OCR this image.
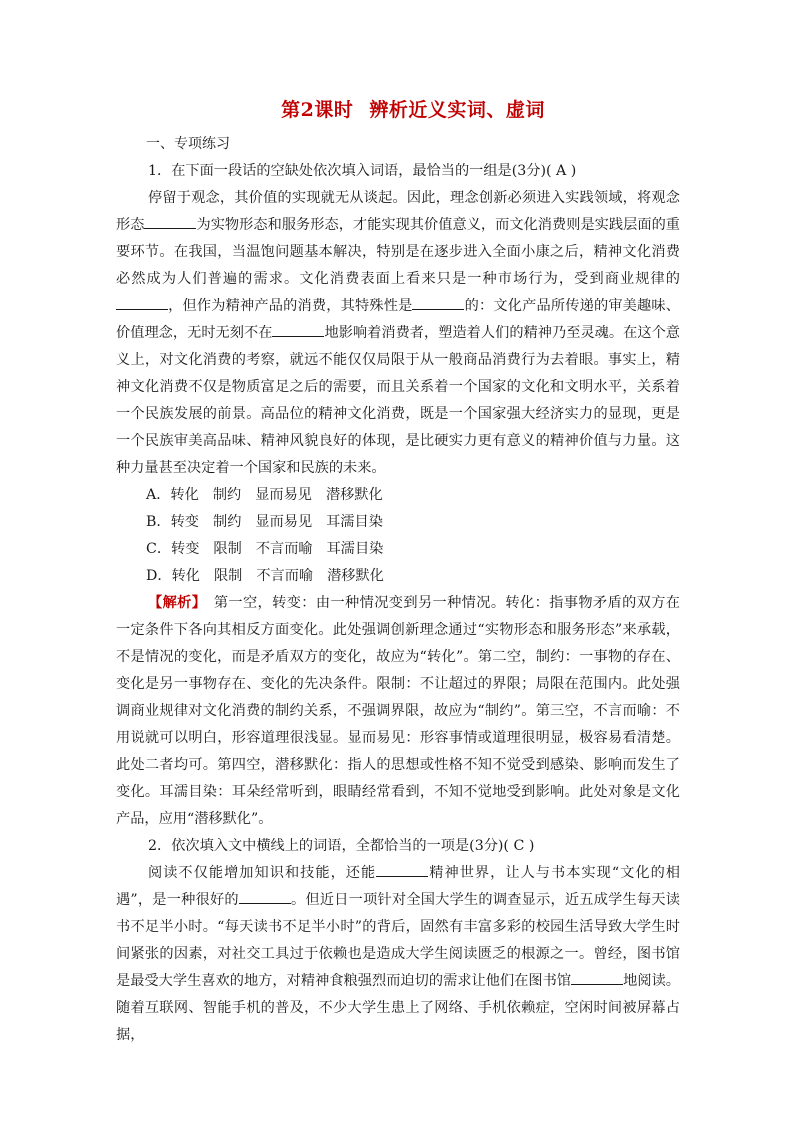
第2课时 辨析近义实词、虚词
一、专项练习

1．在下面一段话的空缺处依次填入词语，最恰当的一组是(3分)( A )

停留于观念，其价值的实现就无从谈起。因此，理念创新必须进入实践领域，将观念形态	为实物形态和服务形态，才能实现其价值意义，而文化消费则是实践层面的重要环节。在我国，当温饱问题基本解决，特别是在逐步进入全面小康之后，精神文化消费必然成为人们普遍的需求。文化消费表面上看来只是一种市场行为，受到商业规律的，但作为精神产品的消费，其特殊性是	的：文化产品所传递的审美趣味、价值理念，无时无刻不在	地影响着消费者，塑造着人们的精神乃至灵魂。在这个意义上，对文化消费的考察，就远不能仅仅局限于从一般商品消费行为去着眼。事实上，精神文化消费不仅是物质富足之后的需要，而且关系着一个国家的文化和文明水平，关系着一个民族发展的前景。高品位的精神文化消费，既是一个国家强大经济实力的显现，更是一个民族审美高品味、精神风貌良好的体现，是比硬实力更有意义的精神价值与力量。这种力量甚至决定着一个国家和民族的未来。

A．转化 制约 显而易见 潜移默化
B．转变 制约 显而易见 耳濡目染
C．转变 限制 不言而喻 耳濡目染
D．转化 限制 不言而喻 潜移默化

【解析】　第一空，转变：由一种情况变到另一种情况。转化：指事物矛盾的双方在一定条件下各向其相反方面变化。此处强调创新理念通过“实物形态和服务形态”来承载，不是情况的变化，而是矛盾双方的变化，故应为“转化”。第二空，制约：一事物的存在、变化是另一事物存在、变化的先决条件。限制：不让超过的界限；局限在范围内。此处强调商业规律对文化消费的制约关系，不强调界限，故应为“制约”。第三空，不言而喻：不用说就可以明白，形容道理很浅显。显而易见：形容事情或道理很明显，极容易看清楚。此处二者均可。第四空，潜移默化：指人的思想或性格不知不觉受到感染、影响而发生了变化。耳濡目染：耳朵经常听到，眼睛经常看到，不知不觉地受到影响。此处对象是文化产品，应用“潜移默化”。

2．依次填入文中横线上的词语，全都恰当的一项是(3分)( C )

阅读不仅能增加知识和技能，还能	精神世界，让人与书本实现“文化的相遇”，是一种很好的	。但近日一项针对全国大学生的调查显示，近五成学生每天读书不足半小时。“每天读书不足半小时”的背后，固然有丰富多彩的校园生活导致大学生时间紧张的因素，对社交工具过于依赖也是造成大学生阅读匮乏的根源之一。曾经，图书馆是最受大学生喜欢的地方，对精神食粮强烈而迫切的需求让他们在图书馆	地阅读。随着互联网、智能手机的普及，不少大学生患上了网络、手机依赖症，空闲时间被屏幕占据，
